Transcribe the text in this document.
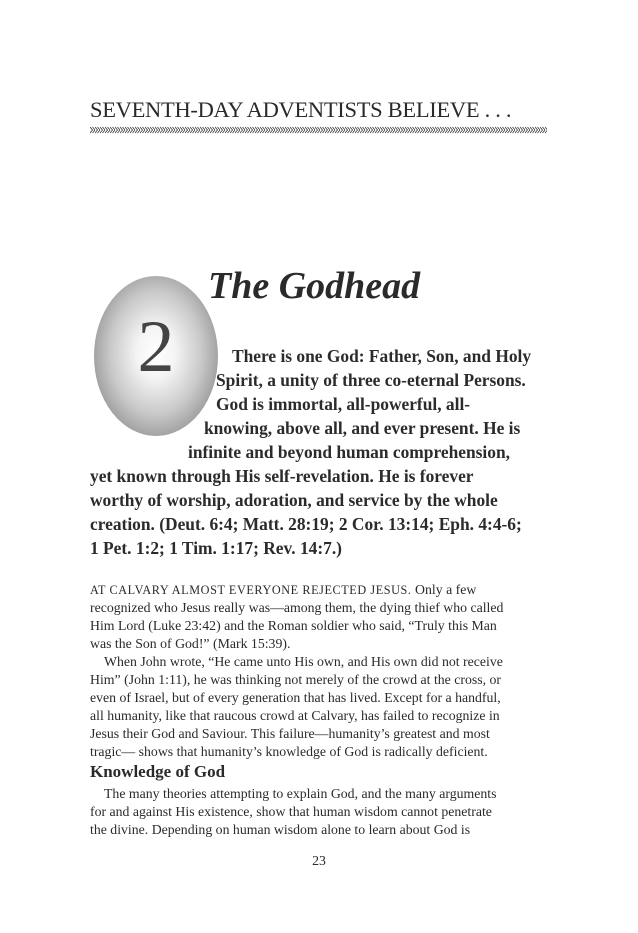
SEVENTH-DAY ADVENTISTS BELIEVE . . .
2
The Godhead
There is one God: Father, Son, and Holy
Spirit, a unity of three co-eternal Persons.
God is immortal, all-powerful, all-
knowing, above all, and ever present. He is
infinite and beyond human comprehension,
yet known through His self-revelation. He is forever
worthy of worship, adoration, and service by the whole
creation. (Deut. 6:4; Matt. 28:19; 2 Cor. 13:14; Eph. 4:4-6;
1 Pet. 1:2; 1 Tim. 1:17; Rev. 14:7.)
AT CALVARY ALMOST EVERYONE REJECTED JESUS. Only a few
recognized who Jesus really was—among them, the dying thief who called
Him Lord (Luke 23:42) and the Roman soldier who said, “Truly this Man
was the Son of God!” (Mark 15:39).
When John wrote, “He came unto His own, and His own did not receive
Him” (John 1:11), he was thinking not merely of the crowd at the cross, or
even of Israel, but of every generation that has lived. Except for a handful,
all humanity, like that raucous crowd at Calvary, has failed to recognize in
Jesus their God and Saviour. This failure—humanity’s greatest and most
Knowledge of God
The many theories attempting to explain God, and the many arguments
for and against His existence, show that human wisdom cannot penetrate
the divine. Depending on human wisdom alone to learn about God is
23
tragic— shows that humanity’s knowledge of God is radically deficient.
